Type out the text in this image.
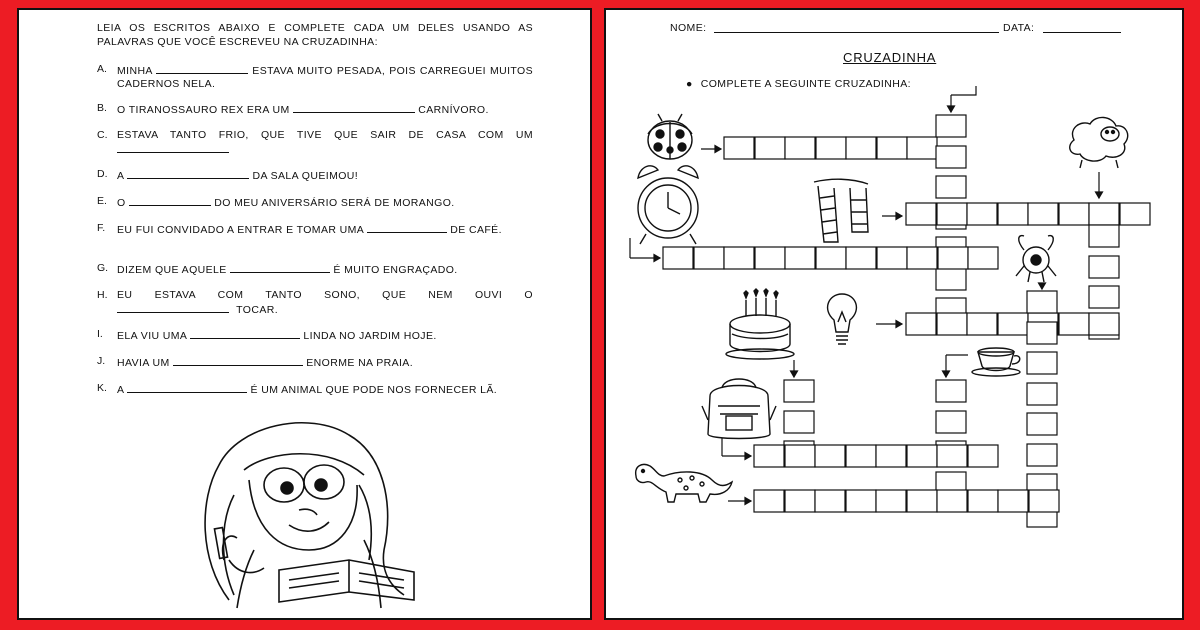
LEIA OS ESCRITOS ABAIXO E COMPLETE CADA UM DELES USANDO AS PALAVRAS QUE VOCÊ ESCREVEU NA CRUZADINHA:
A. MINHA	ESTAVA MUITO PESADA, POIS CARREGUEI MUITOS CADERNOS NELA.
B. O TIRANOSSAURO REX ERA UM	CARNÍVORO.
C. ESTAVA TANTO FRIO, QUE TIVE QUE SAIR DE CASA COM UM
D. A	DA SALA QUEIMOU!
E. O	DO MEU ANIVERSÁRIO SERÁ DE MORANGO.
F. EU FUI CONVIDADO A ENTRAR E TOMAR UMA	DE CAFÉ.
G. DIZEM QUE AQUELE	É MUITO ENGRAÇADO.
H. EU ESTAVA COM TANTO SONO, QUE NEM OUVI O  TOCAR.
I. ELA VIU UMA	LINDA NO JARDIM HOJE.
J. HAVIA UM	ENORME NA PRAIA.
K. A	É UM ANIMAL QUE PODE NOS FORNECER LÃ.
NOME:	DATA:
CRUZADINHA
● COMPLETE A SEGUINTE CRUZADINHA:
